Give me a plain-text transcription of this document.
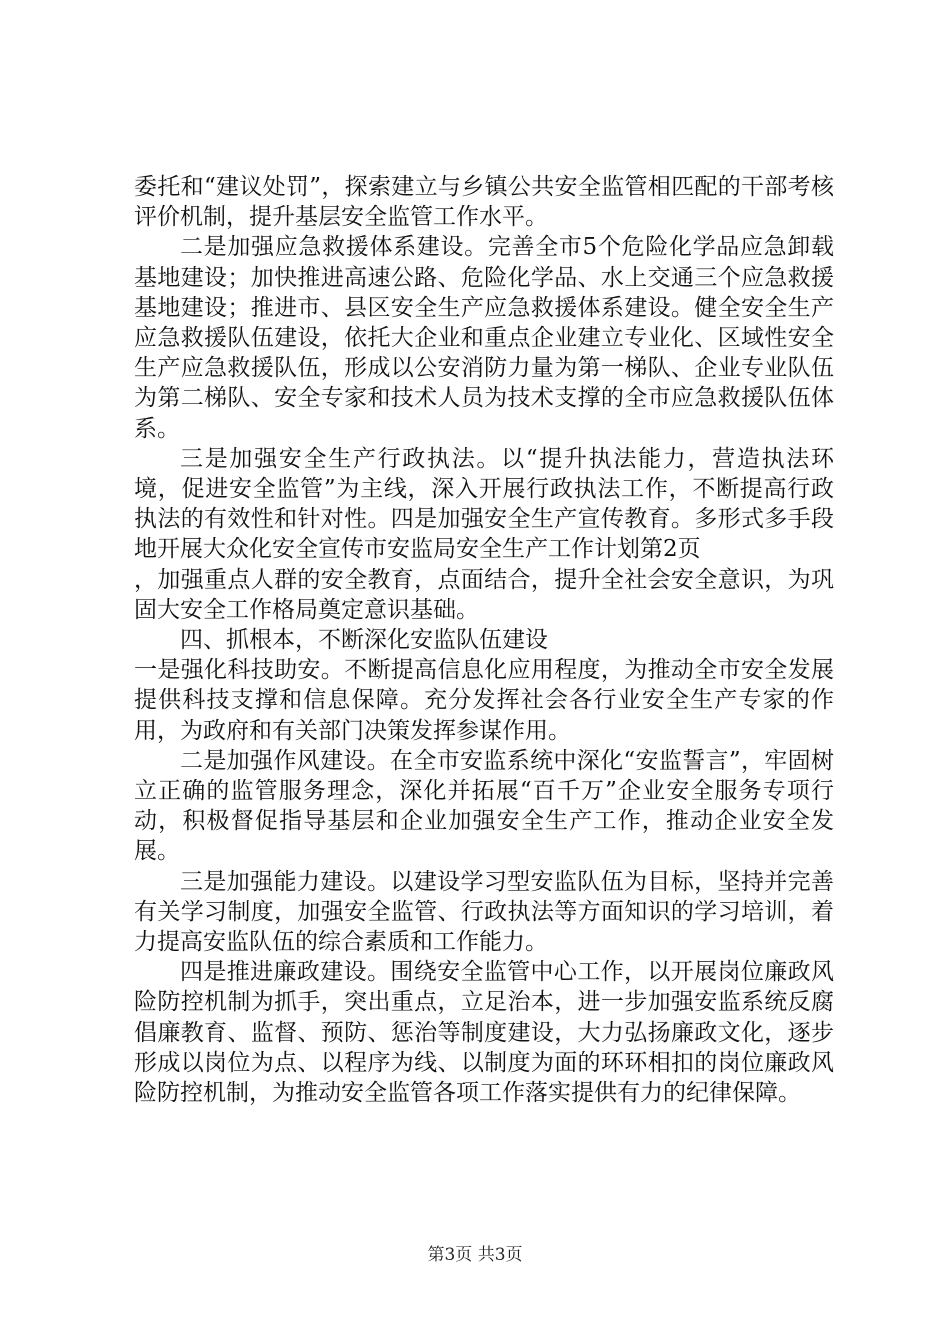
委托和“建议处罚”，探索建立与乡镇公共安全监管相匹配的干部考核评价机制，提升基层安全监管工作水平。

二是加强应急救援体系建设。完善全市5个危险化学品应急卸载基地建设；加快推进高速公路、危险化学品、水上交通三个应急救援基地建设；推进市、县区安全生产应急救援体系建设。健全安全生产应急救援队伍建设，依托大企业和重点企业建立专业化、区域性安全生产应急救援队伍，形成以公安消防力量为第一梯队、企业专业队伍为第二梯队、安全专家和技术人员为技术支撑的全市应急救援队伍体系。

三是加强安全生产行政执法。以“提升执法能力，营造执法环境，促进安全监管”为主线，深入开展行政执法工作，不断提高行政执法的有效性和针对性。四是加强安全生产宣传教育。多形式多手段地开展大众化安全宣传市安监局安全生产工作计划第2页

，加强重点人群的安全教育，点面结合，提升全社会安全意识，为巩固大安全工作格局奠定意识基础。

四、抓根本，不断深化安监队伍建设

一是强化科技助安。不断提高信息化应用程度，为推动全市安全发展提供科技支撑和信息保障。充分发挥社会各行业安全生产专家的作用，为政府和有关部门决策发挥参谋作用。

二是加强作风建设。在全市安监系统中深化“安监誓言”，牢固树立正确的监管服务理念，深化并拓展“百千万”企业安全服务专项行动，积极督促指导基层和企业加强安全生产工作，推动企业安全发展。

三是加强能力建设。以建设学习型安监队伍为目标，坚持并完善有关学习制度，加强安全监管、行政执法等方面知识的学习培训，着力提高安监队伍的综合素质和工作能力。

四是推进廉政建设。围绕安全监管中心工作，以开展岗位廉政风险防控机制为抓手，突出重点，立足治本，进一步加强安监系统反腐倡廉教育、监督、预防、惩治等制度建设，大力弘扬廉政文化，逐步形成以岗位为点、以程序为线、以制度为面的环环相扣的岗位廉政风险防控机制，为推动安全监管各项工作落实提供有力的纪律保障。

第3页 共3页
